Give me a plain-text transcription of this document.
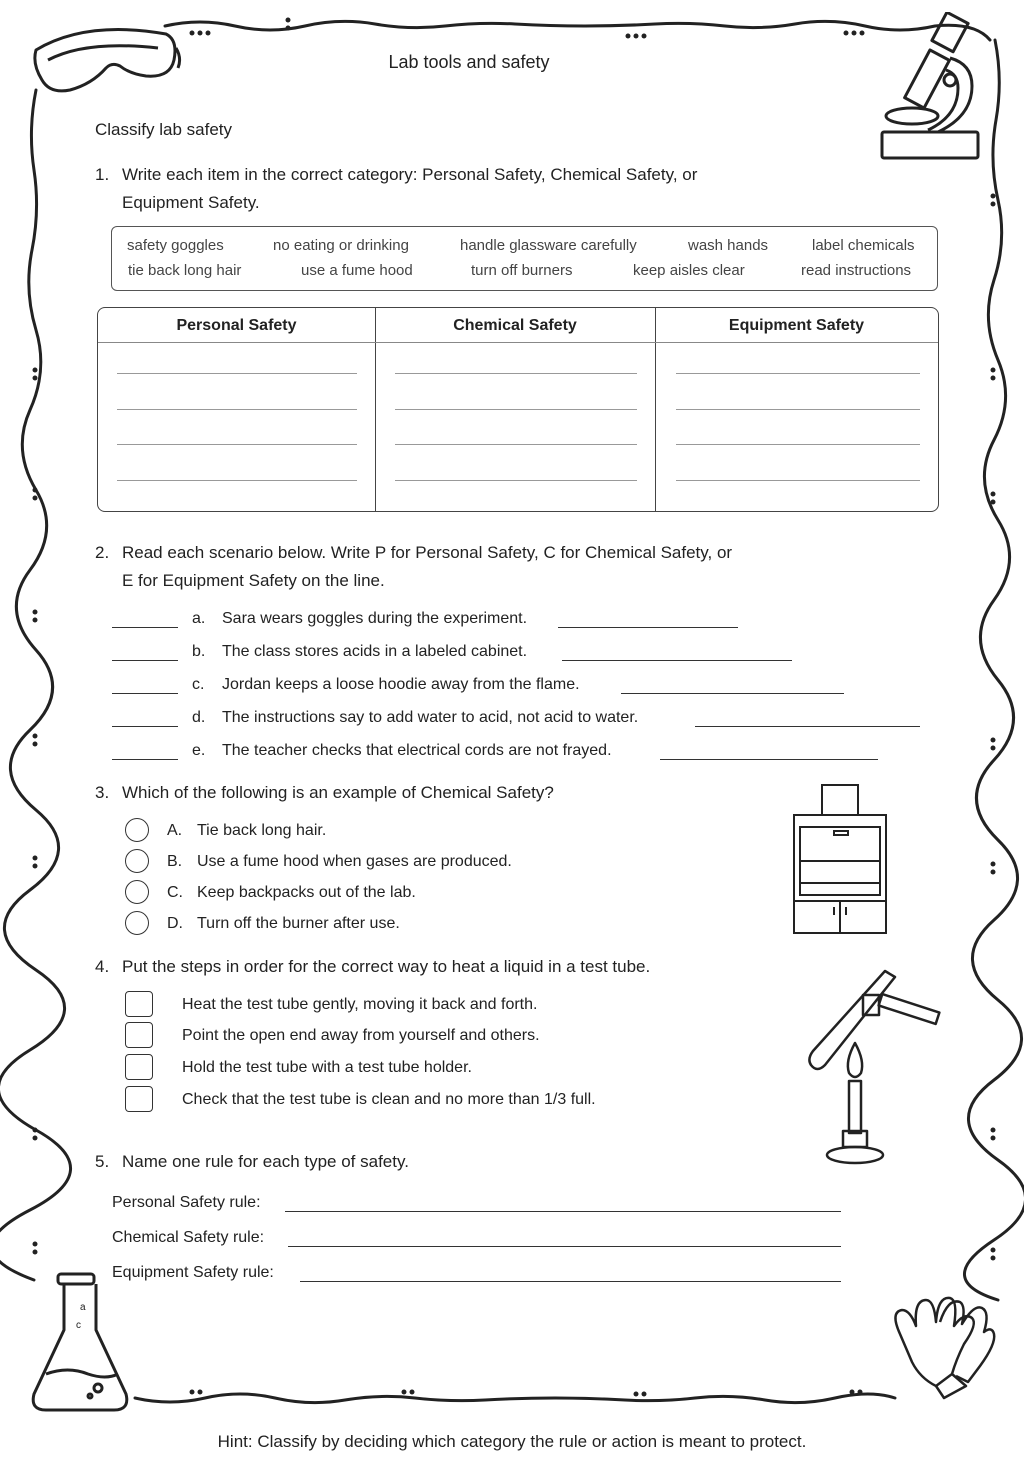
Lab tools and safety
Classify lab safety
1. Write each item in the correct category: Personal Safety, Chemical Safety, or
Equipment Safety.
safety goggles	no eating or drinking	handle glassware carefully	wash hands	label chemicals
tie back long hair	use a fume hood	turn off burners	keep aisles clear	read instructions
Personal Safety	Chemical Safety	Equipment Safety
2. Read each scenario below. Write P for Personal Safety, C for Chemical Safety, or
E for Equipment Safety on the line.
a. Sara wears goggles during the experiment.
b. The class stores acids in a labeled cabinet.
c. Jordan keeps a loose hoodie away from the flame.
d. The instructions say to add water to acid, not acid to water.
e. The teacher checks that electrical cords are not frayed.
3. Which of the following is an example of Chemical Safety?
A. Tie back long hair.
B. Use a fume hood when gases are produced.
C. Keep backpacks out of the lab.
D. Turn off the burner after use.
4. Put the steps in order for the correct way to heat a liquid in a test tube.
Heat the test tube gently, moving it back and forth.
Point the open end away from yourself and others.
Hold the test tube with a test tube holder.
Check that the test tube is clean and no more than 1/3 full.
5. Name one rule for each type of safety.
Personal Safety rule:
Chemical Safety rule:
Equipment Safety rule:
a
c
Hint: Classify by deciding which category the rule or action is meant to protect.
